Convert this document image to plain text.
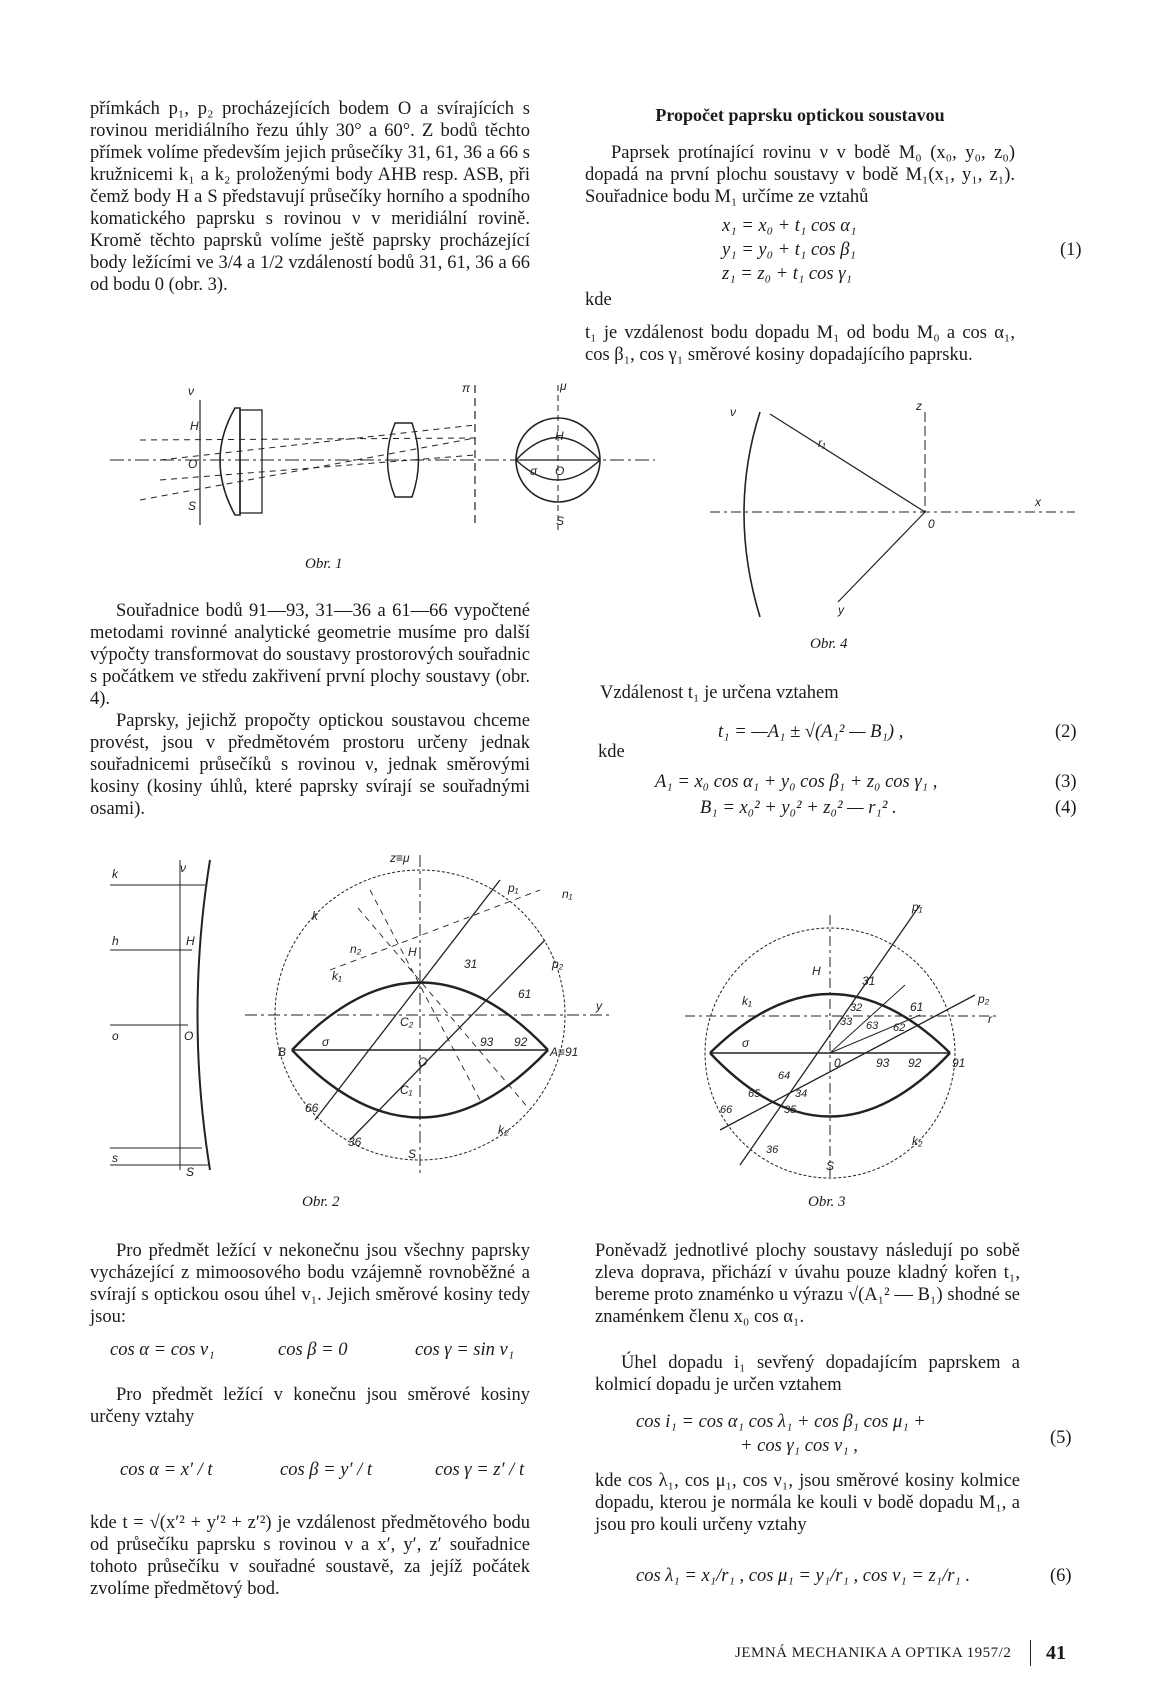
přímkách p₁, p₂ procházejících bodem O a svírajících s rovinou meridiálního řezu úhly 30° a 60°. Z bodů těchto přímek volíme především jejich průsečíky 31, 61, 36 a 66 s kružnicemi k₁ a k₂ proloženými body AHB resp. ASB, při čemž body H a S představují průsečíky horního a spodního komatického paprsku s rovinou ν v meridiální rovině. Kromě těchto paprsků volíme ještě paprsky procházející body ležícími ve 3/4 a 1/2 vzdáleností bodů 31, 61, 36 a 66 od bodu 0 (obr. 3).

Propočet paprsku optickou soustavou

Paprsek protínající rovinu ν v bodě M₀ (x₀, y₀, z₀) dopadá na první plochu soustavy v bodě M₁(x₁, y₁, z₁). Souřadnice bodu M₁ určíme ze vztahů

x₁ = x₀ + t₁ cos α₁
y₁ = y₀ + t₁ cos β₁
z₁ = z₀ + t₁ cos γ₁
(1)
kde

t₁ je vzdálenost bodu dopadu M₁ od bodu M₀ a cos α₁, cos β₁, cos γ₁ směrové kosiny dopadajícího paprsku.

ν
H
O
S
π	μ
H
σ O
S
Obr. 1
ν
r₁
z
x
0
y
Obr. 4

Souřadnice bodů 91—93, 31—36 a 61—66 vypočtené metodami rovinné analytické geometrie musíme pro další výpočty transformovat do soustavy prostorových souřadnic s počátkem ve středu zakřivení první plochy soustavy (obr. 4).

Paprsky, jejichž propočty optickou soustavou chceme provést, jsou v předmětovém prostoru určeny jednak souřadnicemi průsečíků s rovinou ν, jednak směrovými kosiny (kosiny úhlů, které paprsky svírají se souřadnými osami).

Vzdálenost t₁ je určena vztahem

t₁ = —A₁ ± √(A₁² — B₁) ,	(2)
kde
A₁ = x₀ cos α₁ + y₀ cos β₁ + z₀ cos γ₁ ,	(3)
B₁ = x₀² + y₀² + z₀² — r₁² .	(4)
k	ν
h	H
o	O
s
S
z≡μ
p₁	n₁
k
n₂	H
k₁
31	p₂
61
C₂
y
B
σ	93 92
A≡91
O
C₁
66
36
S
k₂
Obr. 2
p₁
H
31
p₂
k₁	32	61
33 63 62
r
σ
0	93 92	91
64
34
65
35
66
36
S
k₂
Obr. 3

Pro předmět ležící v nekonečnu jsou všechny paprsky vycházející z mimoosového bodu vzájemně rovnoběžné a svírají s optickou osou úhel v₁. Jejich směrové kosiny tedy jsou:

cos α = cos v₁	cos β = 0	cos γ = sin v₁

Pro předmět ležící v konečnu jsou směrové kosiny určeny vztahy

cos α = x′ / t	cos β = y′ / t	cos γ = z′ / t

kde t = √(x′² + y′² + z′²) je vzdálenost předmětového bodu od průsečíku paprsku s rovinou ν a x′, y′, z′ souřadnice tohoto průsečíku v souřadné soustavě, za jejíž počátek zvolíme předmětový bod.

Poněvadž jednotlivé plochy soustavy následují po sobě zleva doprava, přichází v úvahu pouze kladný kořen t₁, bereme proto znaménko u výrazu √(A₁² — B₁) shodné se znaménkem členu x₀ cos α₁.

Úhel dopadu i₁ sevřený dopadajícím paprskem a kolmicí dopadu je určen vztahem

cos i₁ = cos α₁ cos λ₁ + cos β₁ cos μ₁ +
+ cos γ₁ cos ν₁ ,	(5)

kde cos λ₁, cos μ₁, cos ν₁, jsou směrové kosiny kolmice dopadu, kterou je normála ke kouli v bodě dopadu M₁, a jsou pro kouli určeny vztahy

cos λ₁ = x₁/r₁ , cos μ₁ = y₁/r₁ , cos ν₁ = z₁/r₁ .	(6)
JEMNÁ MECHANIKA A OPTIKA 1957/2 41
